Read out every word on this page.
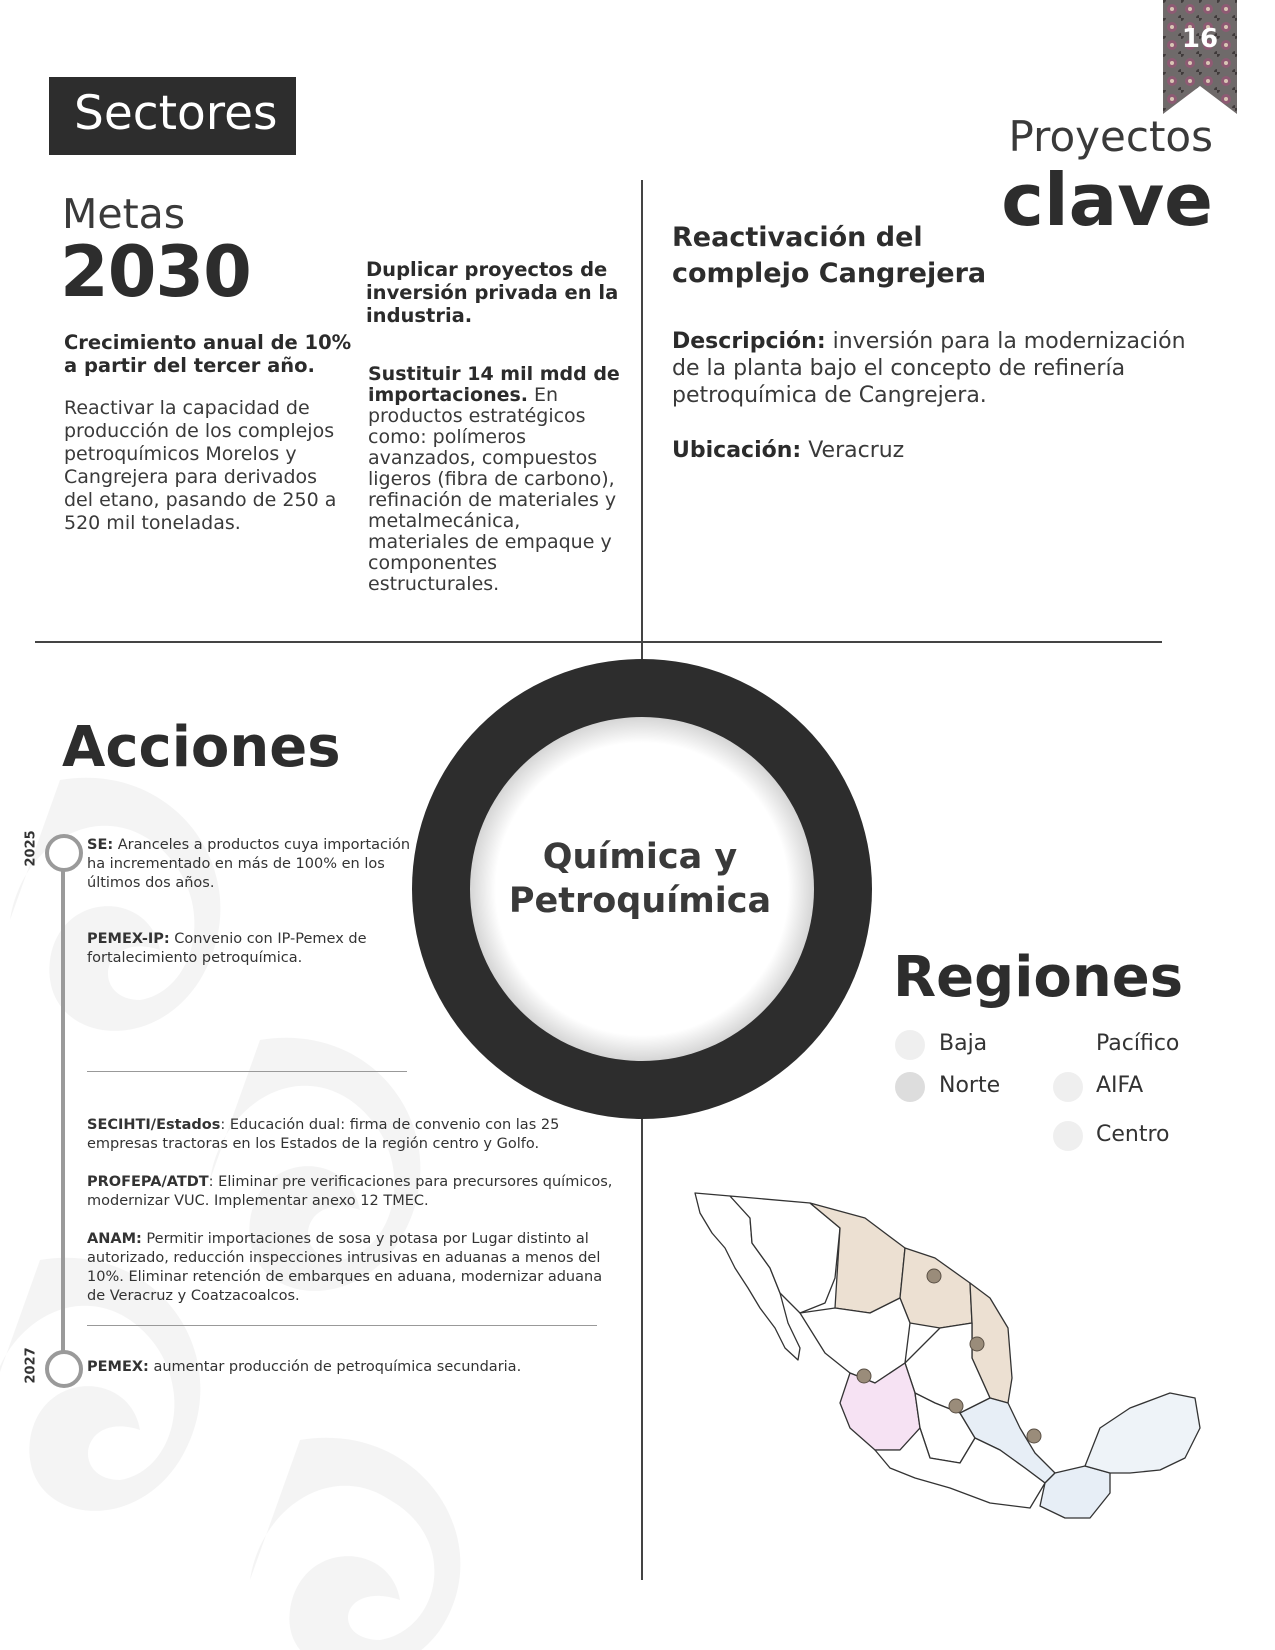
16
Sectores	Proyectos
clave
Metas
2030
Crecimiento anual de 10% a partir del tercer año.
Reactivar la capacidad de producción de los complejos petroquímicos Morelos y Cangrejera para derivados del etano, pasando de 250 a 520 mil toneladas.
Duplicar proyectos de inversión privada en la industria.
Sustituir 14 mil mdd de importaciones. En productos estratégicos como: polímeros avanzados, compuestos ligeros (fibra de carbono), refinación de materiales y metalmecánica, materiales de empaque y componentes estructurales.
Reactivación del complejo Cangrejera
Descripción: inversión para la modernización de la planta bajo el concepto de refinería petroquímica de Cangrejera.
Ubicación: Veracruz
Química y
Petroquímica
Acciones
2025
2027
SE: Aranceles a productos cuya importación ha incrementado en más de 100% en los últimos dos años.
PEMEX-IP: Convenio con IP-Pemex de fortalecimiento petroquímica.
SECIHTI/Estados: Educación dual: firma de convenio con las 25 empresas tractoras en los Estados de la región centro y Golfo.
PROFEPA/ATDT: Eliminar pre verificaciones para precursores químicos, modernizar VUC. Implementar anexo 12 TMEC.
ANAM: Permitir importaciones de sosa y potasa por Lugar distinto al autorizado, reducción inspecciones intrusivas en aduanas a menos del 10%. Eliminar retención de embarques en aduana, modernizar aduana de Veracruz y Coatzacoalcos.
PEMEX: aumentar producción de petroquímica secundaria.
Regiones
Baja	Pacífico
Norte	AIFA
Centro
